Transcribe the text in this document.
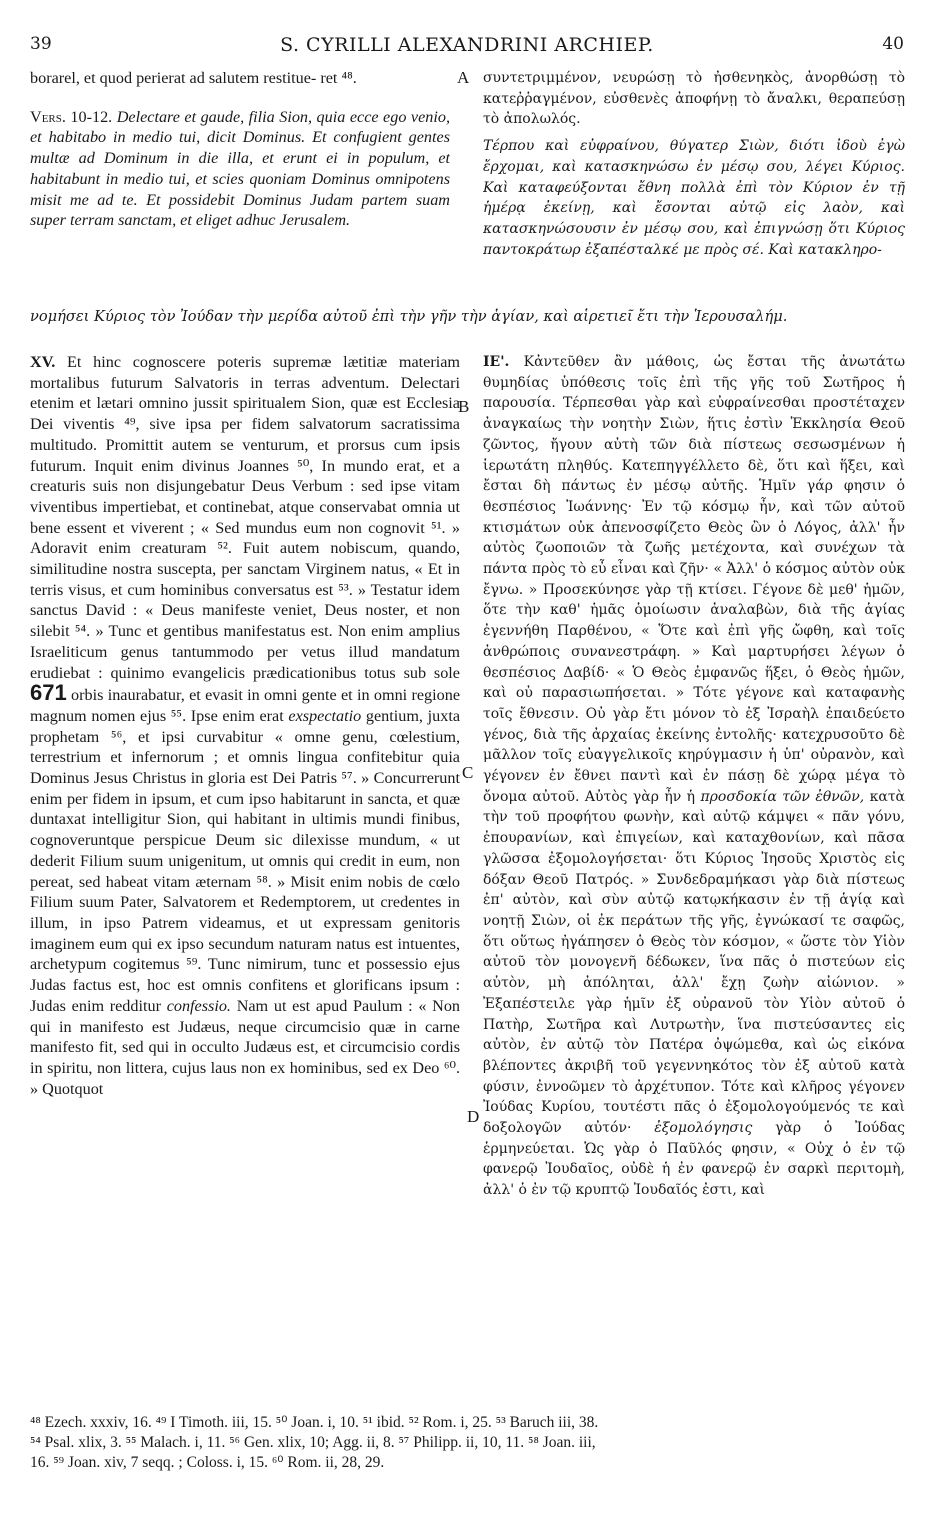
39	S. CYRILLI ALEXANDRINI ARCHIEP.	40

borarel, et quod perierat ad salutem restitue- ret ⁴⁸.

Vers. 10-12. Delectare et gaude, filia Sion, quia ecce ego venio, et habitabo in medio tui, dicit Dominus. Et confugient gentes multæ ad Dominum in die illa, et erunt ei in populum, et habitabunt in medio tui, et scies quoniam Dominus omnipotens misit me ad te. Et possidebit Dominus Judam partem suam super terram sanctam, et eliget adhuc Jerusalem.

συντετριμμένον, νευρώσῃ τὸ ἠσθενηκὸς, ἀνορθώσῃ τὸ κατεῤῥαγμένον, εὐσθενὲς ἀποφήνῃ τὸ ἄναλκι, θεραπεύσῃ τὸ ἀπολωλός.

Τέρπου καὶ εὐφραίνου, θύγατερ Σιὼν, διότι ἰδοὺ ἐγὼ ἔρχομαι, καὶ κατασκηνώσω ἐν μέσῳ σου, λέγει Κύριος. Καὶ καταφεύξονται ἔθνη πολλὰ ἐπὶ τὸν Κύριον ἐν τῇ ἡμέρᾳ ἐκείνῃ, καὶ ἔσονται αὐτῷ εἰς λαὸν, καὶ κατασκηνώσουσιν ἐν μέσῳ σου, καὶ ἐπιγνώσῃ ὅτι Κύριος παντοκράτωρ ἐξαπέσταλκέ με πρὸς σέ. Καὶ κατακληρο-

νομήσει Κύριος τὸν Ἰούδαν τὴν μερίδα αὐτοῦ ἐπὶ τὴν γῆν τὴν ἁγίαν, καὶ αἱρετιεῖ ἔτι τὴν Ἱερουσαλήμ.

XV. Et hinc cognoscere poteris supremæ lætitiæ materiam mortalibus futurum Salvatoris in terras adventum. Delectari etenim et lætari omnino jussit spiritualem Sion, quæ est Ecclesia Dei viventis ⁴⁹, sive ipsa per fidem salvatorum sacratissima multitudo. Promittit autem se venturum, et prorsus cum ipsis futurum. Inquit enim divinus Joannes ⁵⁰, In mundo erat, et a creaturis suis non disjungebatur Deus Verbum : sed ipse vitam viventibus impertiebat, et continebat, atque conservabat omnia ut bene essent et viverent ; « Sed mundus eum non cognovit ⁵¹. » Adoravit enim creaturam ⁵². Fuit autem nobiscum, quando, similitudine nostra suscepta, per sanctam Virginem natus, « Et in terris visus, et cum hominibus conversatus est ⁵³. » Testatur idem sanctus David : « Deus manifeste veniet, Deus noster, et non silebit ⁵⁴. » Tunc et gentibus manifestatus est. Non enim amplius Israeliticum genus tantummodo per vetus illud mandatum erudiebat : quinimo evangelicis prædicationibus totus sub sole 671 orbis inaurabatur, et evasit in omni gente et in omni regione magnum nomen ejus ⁵⁵. Ipse enim erat exspectatio gentium, juxta prophetam ⁵⁶, et ipsi curvabitur « omne genu, cœlestium, terrestrium et infernorum ; et omnis lingua confitebitur quia Dominus Jesus Christus in gloria est Dei Patris ⁵⁷. » Concurrerunt enim per fidem in ipsum, et cum ipso habitarunt in sancta, et quæ duntaxat intelligitur Sion, qui habitant in ultimis mundi finibus, cognoveruntque perspicue Deum sic dilexisse mundum, « ut dederit Filium suum unigenitum, ut omnis qui credit in eum, non pereat, sed habeat vitam æternam ⁵⁸. » Misit enim nobis de cœlo Filium suum Pater, Salvatorem et Redemptorem, ut credentes in illum, in ipso Patrem videamus, et ut expressam genitoris imaginem eum qui ex ipso secundum naturam natus est intuentes, archetypum cogitemus ⁵⁹. Tunc nimirum, tunc et possessio ejus Judas factus est, hoc est omnis confitens et glorificans ipsum : Judas enim redditur confessio. Nam ut est apud Paulum : « Non qui in manifesto est Judæus, neque circumcisio quæ in carne manifesto fit, sed qui in occulto Judæus est, et circumcisio cordis in spiritu, non littera, cujus laus non ex hominibus, sed ex Deo ⁶⁰. » Quotquot

ΙΕ'. Κἀντεῦθεν ἂν μάθοις, ὡς ἔσται τῆς ἀνωτάτω θυμηδίας ὑπόθεσις τοῖς ἐπὶ τῆς γῆς τοῦ Σωτῆρος ἡ παρουσία. Τέρπεσθαι γὰρ καὶ εὐφραίνεσθαι προστέταχεν ἀναγκαίως τὴν νοητὴν Σιὼν, ἥτις ἐστὶν Ἐκκλησία Θεοῦ ζῶντος, ἤγουν αὐτὴ τῶν διὰ πίστεως σεσωσμένων ἡ ἱερωτάτη πληθύς. Κατεπηγγέλλετο δὲ, ὅτι καὶ ἥξει, καὶ ἔσται δὴ πάντως ἐν μέσῳ αὐτῆς. Ἡμῖν γάρ φησιν ὁ θεσπέσιος Ἰωάννης· Ἐν τῷ κόσμῳ ἦν, καὶ τῶν αὐτοῦ κτισμάτων οὐκ ἀπενοσφίζετο Θεὸς ὢν ὁ Λόγος, ἀλλ' ἦν αὐτὸς ζωοποιῶν τὰ ζωῆς μετέχοντα, καὶ συνέχων τὰ πάντα πρὸς τὸ εὖ εἶναι καὶ ζῆν· « Ἀλλ' ὁ κόσμος αὐτὸν οὐκ ἔγνω. » Προσεκύνησε γὰρ τῇ κτίσει. Γέγονε δὲ μεθ' ἡμῶν, ὅτε τὴν καθ' ἡμᾶς ὁμοίωσιν ἀναλαβὼν, διὰ τῆς ἁγίας ἐγεννήθη Παρθένου, « Ὅτε καὶ ἐπὶ γῆς ὤφθη, καὶ τοῖς ἀνθρώποις συνανεστράφη. » Καὶ μαρτυρήσει λέγων ὁ θεσπέσιος Δαβίδ· « Ὁ Θεὸς ἐμφανῶς ἥξει, ὁ Θεὸς ἡμῶν, καὶ οὐ παρασιωπήσεται. » Τότε γέγονε καὶ καταφανὴς τοῖς ἔθνεσιν. Οὐ γὰρ ἔτι μόνον τὸ ἐξ Ἰσραὴλ ἐπαιδεύετο γένος, διὰ τῆς ἀρχαίας ἐκείνης ἐντολῆς· κατεχρυσοῦτο δὲ μᾶλλον τοῖς εὐαγγελικοῖς κηρύγμασιν ἡ ὑπ' οὐρανὸν, καὶ γέγονεν ἐν ἔθνει παντὶ καὶ ἐν πάσῃ δὲ χώρᾳ μέγα τὸ ὄνομα αὐτοῦ. Αὐτὸς γὰρ ἦν ἡ προσδοκία τῶν ἐθνῶν, κατὰ τὴν τοῦ προφήτου φωνὴν, καὶ αὐτῷ κάμψει « πᾶν γόνυ, ἐπουρανίων, καὶ ἐπιγείων, καὶ καταχθονίων, καὶ πᾶσα γλῶσσα ἐξομολογήσεται· ὅτι Κύριος Ἰησοῦς Χριστὸς εἰς δόξαν Θεοῦ Πατρός. » Συνδεδραμήκασι γὰρ διὰ πίστεως ἐπ' αὐτὸν, καὶ σὺν αὐτῷ κατῳκήκασιν ἐν τῇ ἁγίᾳ καὶ νοητῇ Σιὼν, οἱ ἐκ περάτων τῆς γῆς, ἐγνώκασί τε σαφῶς, ὅτι οὕτως ἠγάπησεν ὁ Θεὸς τὸν κόσμον, « ὥστε τὸν Υἱὸν αὐτοῦ τὸν μονογενῆ δέδωκεν, ἵνα πᾶς ὁ πιστεύων εἰς αὐτὸν, μὴ ἀπόληται, ἀλλ' ἔχῃ ζωὴν αἰώνιον. » Ἐξαπέστειλε γὰρ ἡμῖν ἐξ οὐρανοῦ τὸν Υἱὸν αὐτοῦ ὁ Πατὴρ, Σωτῆρα καὶ Λυτρωτὴν, ἵνα πιστεύσαντες εἰς αὐτὸν, ἐν αὐτῷ τὸν Πατέρα ὀψώμεθα, καὶ ὡς εἰκόνα βλέποντες ἀκριβῆ τοῦ γεγεννηκότος τὸν ἐξ αὐτοῦ κατὰ φύσιν, ἐννοῶμεν τὸ ἀρχέτυπον. Τότε καὶ κλῆρος γέγονεν Ἰούδας Κυρίου, τουτέστι πᾶς ὁ ἐξομολογούμενός τε καὶ δοξολογῶν αὐτόν· ἐξομολόγησις γὰρ ὁ Ἰούδας ἑρμηνεύεται. Ὡς γὰρ ὁ Παῦλός φησιν, « Οὐχ ὁ ἐν τῷ φανερῷ Ἰουδαῖος, οὐδὲ ἡ ἐν φανερῷ ἐν σαρκὶ περιτομὴ, ἀλλ' ὁ ἐν τῷ κρυπτῷ Ἰουδαῖός ἐστι, καὶ

A
B
C
D

⁴⁸ Ezech. xxxiv, 16. ⁴⁹ I Timoth. iii, 15. ⁵⁰ Joan. i, 10. ⁵¹ ibid. ⁵² Rom. i, 25. ⁵³ Baruch iii, 38.

⁵⁴ Psal. xlix, 3. ⁵⁵ Malach. i, 11. ⁵⁶ Gen. xlix, 10; Agg. ii, 8. ⁵⁷ Philipp. ii, 10, 11. ⁵⁸ Joan. iii,

16. ⁵⁹ Joan. xiv, 7 seqq. ; Coloss. i, 15. ⁶⁰ Rom. ii, 28, 29.
